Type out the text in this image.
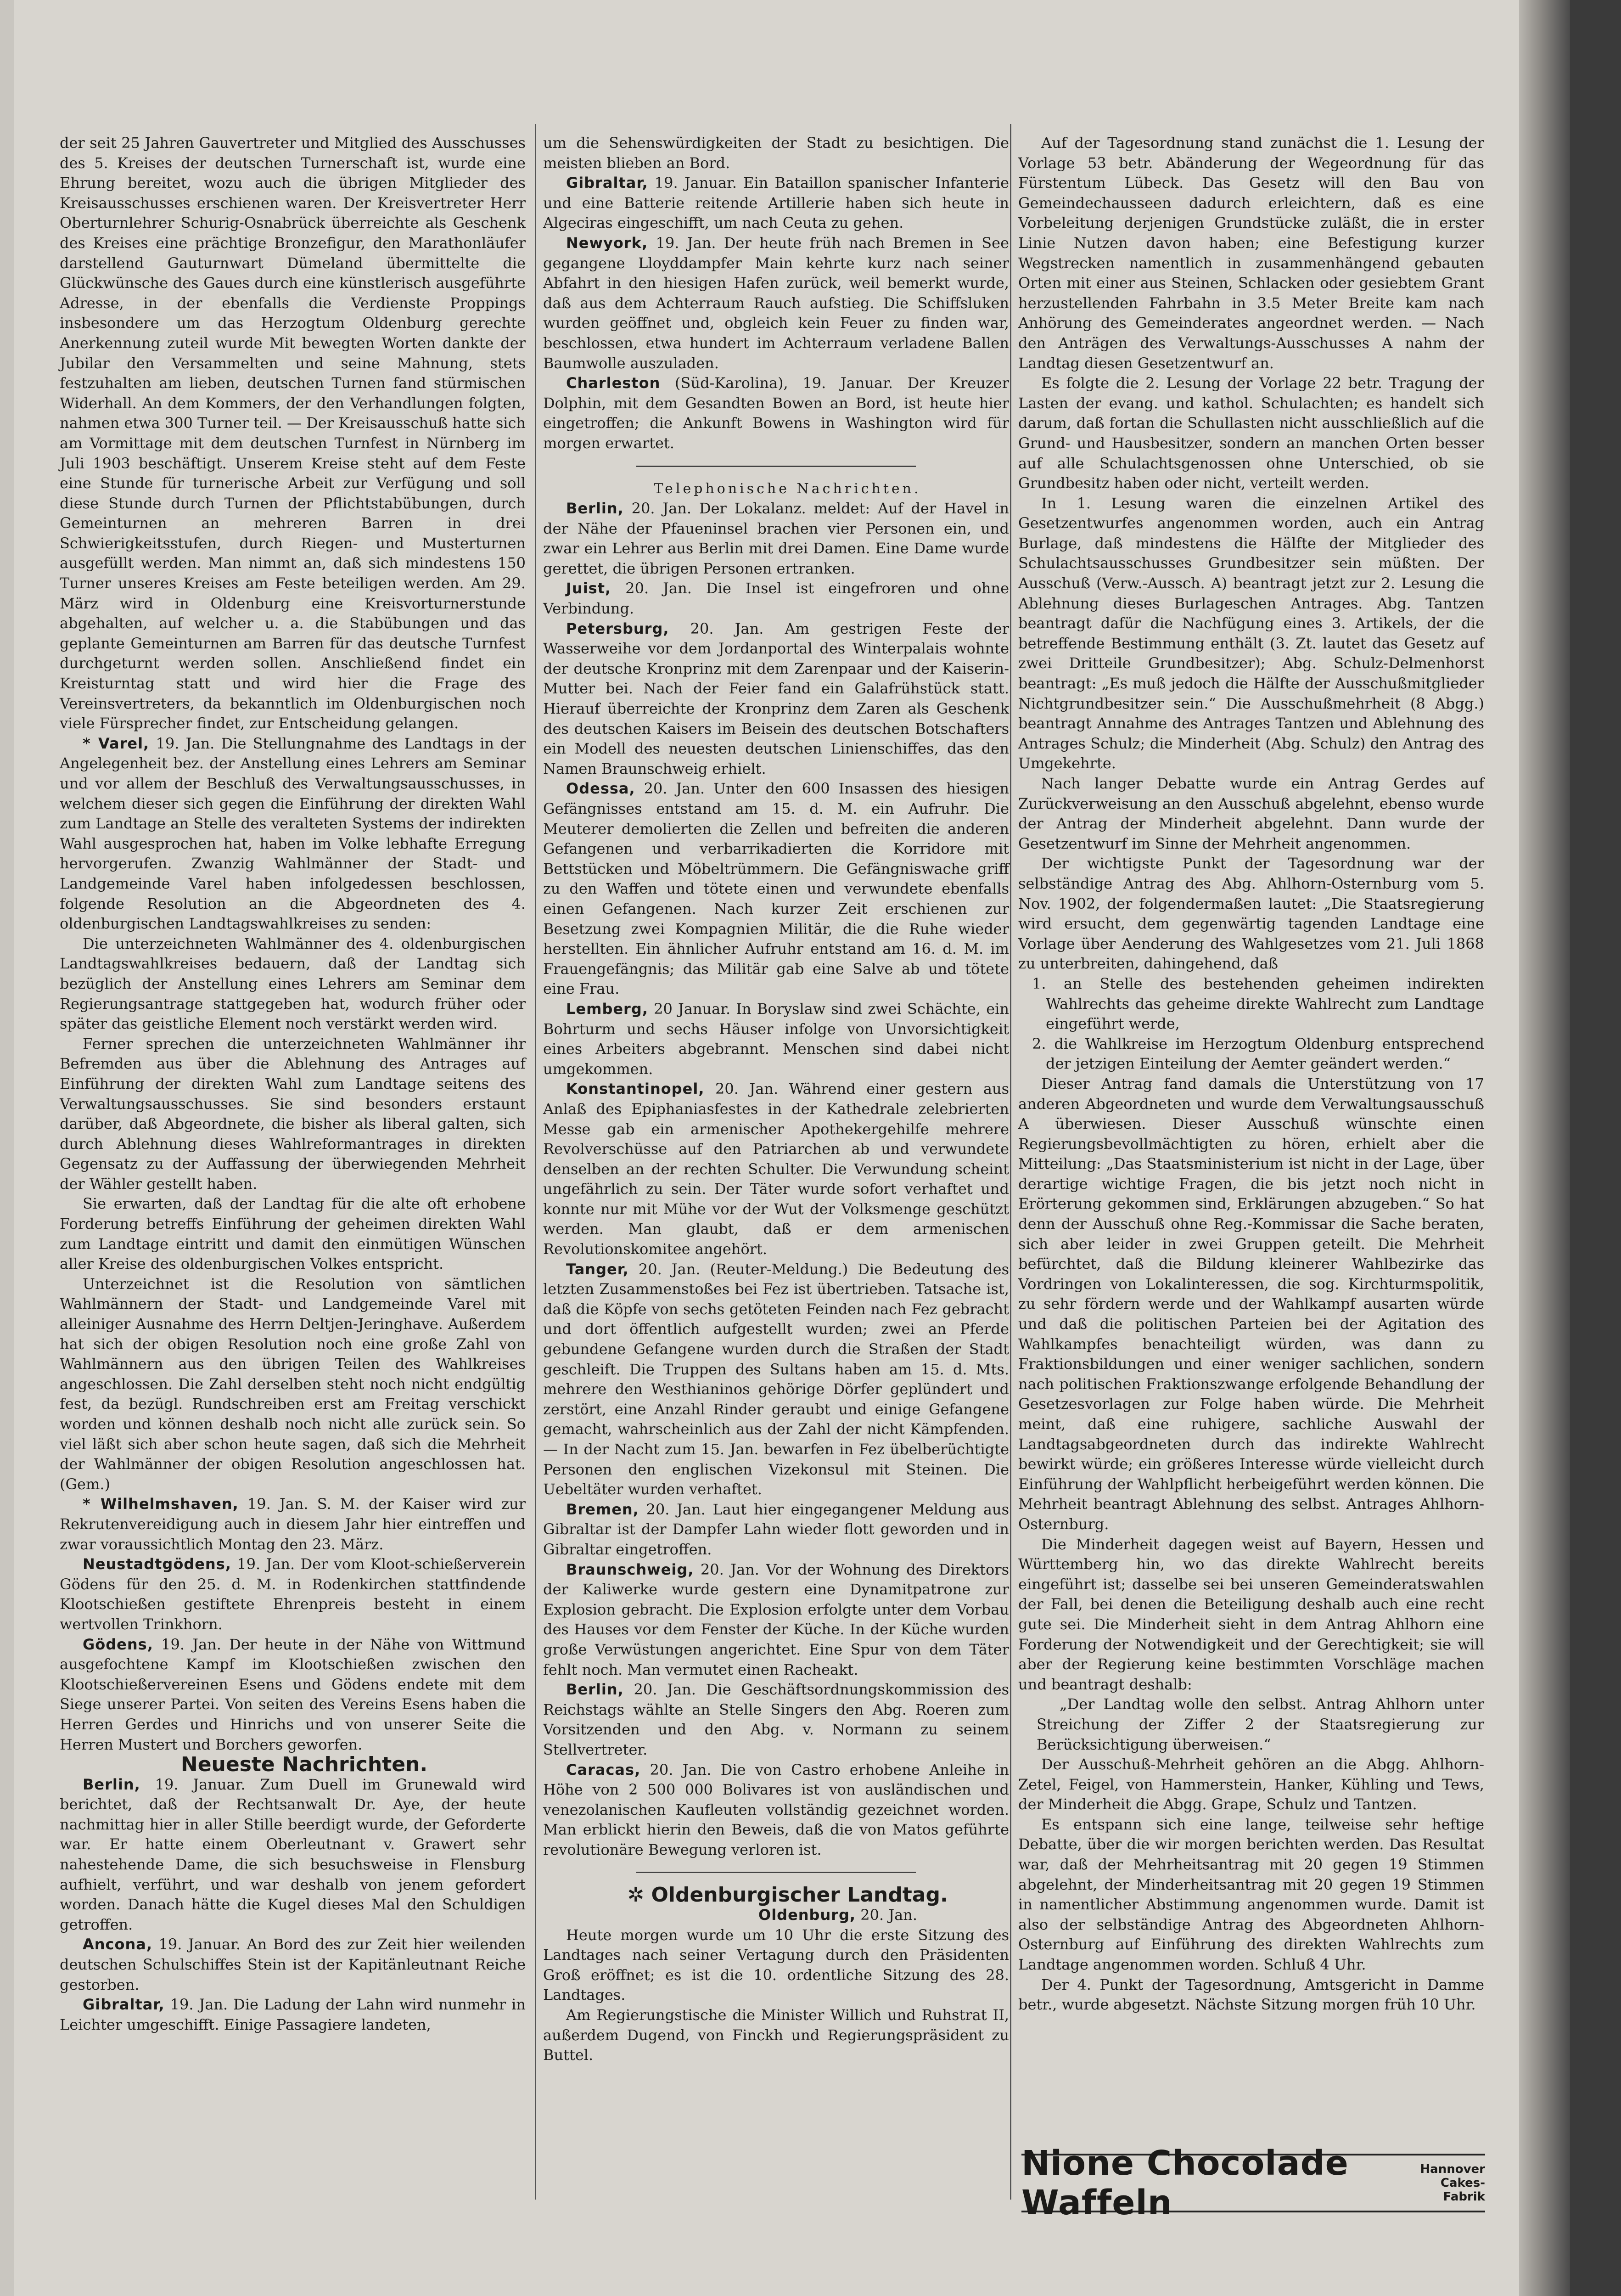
der seit 25 Jahren Gauvertreter und Mitglied des Ausschusses des 5. Kreises der deutschen Turnerschaft ist, wurde eine Ehrung bereitet, wozu auch die übrigen Mitglieder des Kreisausschusses erschienen waren. Der Kreisvertreter Herr Oberturnlehrer Schurig-Osnabrück überreichte als Geschenk des Kreises eine prächtige Bronzefigur, den Marathonläufer darstellend Gauturnwart Dümeland übermittelte die Glückwünsche des Gaues durch eine künstlerisch ausgeführte Adresse, in der ebenfalls die Verdienste Proppings insbesondere um das Herzogtum Oldenburg gerechte Anerkennung zuteil wurde Mit bewegten Worten dankte der Jubilar den Versammelten und seine Mahnung, stets festzuhalten am lieben, deutschen Turnen fand stürmischen Widerhall. An dem Kommers, der den Verhandlungen folgten, nahmen etwa 300 Turner teil. — Der Kreisausschuß hatte sich am Vormittage mit dem deutschen Turnfest in Nürnberg im Juli 1903 beschäftigt. Unserem Kreise steht auf dem Feste eine Stunde für turnerische Arbeit zur Verfügung und soll diese Stunde durch Turnen der Pflichtstabübungen, durch Gemeinturnen an mehreren Barren in drei Schwierigkeitsstufen, durch Riegen- und Musterturnen ausgefüllt werden. Man nimmt an, daß sich mindestens 150 Turner unseres Kreises am Feste beteiligen werden. Am 29. März wird in Oldenburg eine Kreisvorturnerstunde abgehalten, auf welcher u. a. die Stabübungen und das geplante Gemeinturnen am Barren für das deutsche Turnfest durchgeturnt werden sollen. Anschließend findet ein Kreisturntag statt und wird hier die Frage des Vereinsvertreters, da bekanntlich im Oldenburgischen noch viele Fürsprecher findet, zur Entscheidung gelangen.

* Varel, 19. Jan. Die Stellungnahme des Landtags in der Angelegenheit bez. der Anstellung eines Lehrers am Seminar und vor allem der Beschluß des Verwaltungsausschusses, in welchem dieser sich gegen die Einführung der direkten Wahl zum Landtage an Stelle des veralteten Systems der indirekten Wahl ausgesprochen hat, haben im Volke lebhafte Erregung hervorgerufen. Zwanzig Wahlmänner der Stadt- und Landgemeinde Varel haben infolgedessen beschlossen, folgende Resolution an die Abgeordneten des 4. oldenburgischen Landtagswahlkreises zu senden:

Die unterzeichneten Wahlmänner des 4. oldenburgischen Landtagswahlkreises bedauern, daß der Landtag sich bezüglich der Anstellung eines Lehrers am Seminar dem Regierungsantrage stattgegeben hat, wodurch früher oder später das geistliche Element noch verstärkt werden wird.

Ferner sprechen die unterzeichneten Wahlmänner ihr Befremden aus über die Ablehnung des Antrages auf Einführung der direkten Wahl zum Landtage seitens des Verwaltungsausschusses. Sie sind besonders erstaunt darüber, daß Abgeordnete, die bisher als liberal galten, sich durch Ablehnung dieses Wahlreformantrages in direkten Gegensatz zu der Auffassung der überwiegenden Mehrheit der Wähler gestellt haben.

Sie erwarten, daß der Landtag für die alte oft erhobene Forderung betreffs Einführung der geheimen direkten Wahl zum Landtage eintritt und damit den einmütigen Wünschen aller Kreise des oldenburgischen Volkes entspricht.

Unterzeichnet ist die Resolution von sämtlichen Wahlmännern der Stadt- und Landgemeinde Varel mit alleiniger Ausnahme des Herrn Deltjen-Jeringhave. Außerdem hat sich der obigen Resolution noch eine große Zahl von Wahlmännern aus den übrigen Teilen des Wahlkreises angeschlossen. Die Zahl derselben steht noch nicht endgültig fest, da bezügl. Rundschreiben erst am Freitag verschickt worden und können deshalb noch nicht alle zurück sein. So viel läßt sich aber schon heute sagen, daß sich die Mehrheit der Wahlmänner der obigen Resolution angeschlossen hat. (Gem.)

* Wilhelmshaven, 19. Jan. S. M. der Kaiser wird zur Rekrutenvereidigung auch in diesem Jahr hier eintreffen und zwar voraussichtlich Montag den 23. März.

Neustadtgödens, 19. Jan. Der vom Kloot-schießerverein Gödens für den 25. d. M. in Rodenkirchen stattfindende Klootschießen gestiftete Ehrenpreis besteht in einem wertvollen Trinkhorn.

Gödens, 19. Jan. Der heute in der Nähe von Wittmund ausgefochtene Kampf im Klootschießen zwischen den Klootschießervereinen Esens und Gödens endete mit dem Siege unserer Partei. Von seiten des Vereins Esens haben die Herren Gerdes und Hinrichs und von unserer Seite die Herren Mustert und Borchers geworfen.

Neueste Nachrichten.

Berlin, 19. Januar. Zum Duell im Grunewald wird berichtet, daß der Rechtsanwalt Dr. Aye, der heute nachmittag hier in aller Stille beerdigt wurde, der Geforderte war. Er hatte einem Oberleutnant v. Grawert sehr nahestehende Dame, die sich besuchsweise in Flensburg aufhielt, verführt, und war deshalb von jenem gefordert worden. Danach hätte die Kugel dieses Mal den Schuldigen getroffen.

Ancona, 19. Januar. An Bord des zur Zeit hier weilenden deutschen Schulschiffes Stein ist der Kapitänleutnant Reiche gestorben.

Gibraltar, 19. Jan. Die Ladung der Lahn wird nunmehr in Leichter umgeschifft. Einige Passagiere landeten,

um die Sehenswürdigkeiten der Stadt zu besichtigen. Die meisten blieben an Bord.

Gibraltar, 19. Januar. Ein Bataillon spanischer Infanterie und eine Batterie reitende Artillerie haben sich heute in Algeciras eingeschifft, um nach Ceuta zu gehen.

Newyork, 19. Jan. Der heute früh nach Bremen in See gegangene Lloyddampfer Main kehrte kurz nach seiner Abfahrt in den hiesigen Hafen zurück, weil bemerkt wurde, daß aus dem Achterraum Rauch aufstieg. Die Schiffsluken wurden geöffnet und, obgleich kein Feuer zu finden war, beschlossen, etwa hundert im Achterraum verladene Ballen Baumwolle auszuladen.

Charleston (Süd-Karolina), 19. Januar. Der Kreuzer Dolphin, mit dem Gesandten Bowen an Bord, ist heute hier eingetroffen; die Ankunft Bowens in Washington wird für morgen erwartet.

Telephonische Nachrichten.

Berlin, 20. Jan. Der Lokalanz. meldet: Auf der Havel in der Nähe der Pfaueninsel brachen vier Personen ein, und zwar ein Lehrer aus Berlin mit drei Damen. Eine Dame wurde gerettet, die übrigen Personen ertranken.

Juist, 20. Jan. Die Insel ist eingefroren und ohne Verbindung.

Petersburg, 20. Jan. Am gestrigen Feste der Wasserweihe vor dem Jordanportal des Winterpalais wohnte der deutsche Kronprinz mit dem Zarenpaar und der Kaiserin-Mutter bei. Nach der Feier fand ein Galafrühstück statt. Hierauf überreichte der Kronprinz dem Zaren als Geschenk des deutschen Kaisers im Beisein des deutschen Botschafters ein Modell des neuesten deutschen Linienschiffes, das den Namen Braunschweig erhielt.

Odessa, 20. Jan. Unter den 600 Insassen des hiesigen Gefängnisses entstand am 15. d. M. ein Aufruhr. Die Meuterer demolierten die Zellen und befreiten die anderen Gefangenen und verbarrikadierten die Korridore mit Bettstücken und Möbeltrümmern. Die Gefängniswache griff zu den Waffen und tötete einen und verwundete ebenfalls einen Gefangenen. Nach kurzer Zeit erschienen zur Besetzung zwei Kompagnien Militär, die die Ruhe wieder herstellten. Ein ähnlicher Aufruhr entstand am 16. d. M. im Frauengefängnis; das Militär gab eine Salve ab und tötete eine Frau.

Lemberg, 20 Januar. In Boryslaw sind zwei Schächte, ein Bohrturm und sechs Häuser infolge von Unvorsichtigkeit eines Arbeiters abgebrannt. Menschen sind dabei nicht umgekommen.

Konstantinopel, 20. Jan. Während einer gestern aus Anlaß des Epiphaniasfestes in der Kathedrale zelebrierten Messe gab ein armenischer Apothekergehilfe mehrere Revolverschüsse auf den Patriarchen ab und verwundete denselben an der rechten Schulter. Die Verwundung scheint ungefährlich zu sein. Der Täter wurde sofort verhaftet und konnte nur mit Mühe vor der Wut der Volksmenge geschützt werden. Man glaubt, daß er dem armenischen Revolutionskomitee angehört.

Tanger, 20. Jan. (Reuter-Meldung.) Die Bedeutung des letzten Zusammenstoßes bei Fez ist übertrieben. Tatsache ist, daß die Köpfe von sechs getöteten Feinden nach Fez gebracht und dort öffentlich aufgestellt wurden; zwei an Pferde gebundene Gefangene wurden durch die Straßen der Stadt geschleift. Die Truppen des Sultans haben am 15. d. Mts. mehrere den Westhianinos gehörige Dörfer geplündert und zerstört, eine Anzahl Rinder geraubt und einige Gefangene gemacht, wahrscheinlich aus der Zahl der nicht Kämpfenden. — In der Nacht zum 15. Jan. bewarfen in Fez übelberüchtigte Personen den englischen Vizekonsul mit Steinen. Die Uebeltäter wurden verhaftet.

Bremen, 20. Jan. Laut hier eingegangener Meldung aus Gibraltar ist der Dampfer Lahn wieder flott geworden und in Gibraltar eingetroffen.

Braunschweig, 20. Jan. Vor der Wohnung des Direktors der Kaliwerke wurde gestern eine Dynamitpatrone zur Explosion gebracht. Die Explosion erfolgte unter dem Vorbau des Hauses vor dem Fenster der Küche. In der Küche wurden große Verwüstungen angerichtet. Eine Spur von dem Täter fehlt noch. Man vermutet einen Racheakt.

Berlin, 20. Jan. Die Geschäftsordnungskommission des Reichstags wählte an Stelle Singers den Abg. Roeren zum Vorsitzenden und den Abg. v. Normann zu seinem Stellvertreter.

Caracas, 20. Jan. Die von Castro erhobene Anleihe in Höhe von 2 500 000 Bolivares ist von ausländischen und venezolanischen Kaufleuten vollständig gezeichnet worden. Man erblickt hierin den Beweis, daß die von Matos geführte revolutionäre Bewegung verloren ist.

✲ Oldenburgischer Landtag.

Oldenburg, 20. Jan.

Heute morgen wurde um 10 Uhr die erste Sitzung des Landtages nach seiner Vertagung durch den Präsidenten Groß eröffnet; es ist die 10. ordentliche Sitzung des 28. Landtages.

Am Regierungstische die Minister Willich und Ruhstrat II, außerdem Dugend, von Finckh und Regierungspräsident zu Buttel.

Auf der Tagesordnung stand zunächst die 1. Lesung der Vorlage 53 betr. Abänderung der Wegeordnung für das Fürstentum Lübeck. Das Gesetz will den Bau von Gemeindechausseen dadurch erleichtern, daß es eine Vorbeleitung derjenigen Grundstücke zuläßt, die in erster Linie Nutzen davon haben; eine Befestigung kurzer Wegstrecken namentlich in zusammenhängend gebauten Orten mit einer aus Steinen, Schlacken oder gesiebtem Grant herzustellenden Fahrbahn in 3.5 Meter Breite kam nach Anhörung des Gemeinderates angeordnet werden. — Nach den Anträgen des Verwaltungs-Ausschusses A nahm der Landtag diesen Gesetzentwurf an.

Es folgte die 2. Lesung der Vorlage 22 betr. Tragung der Lasten der evang. und kathol. Schulachten; es handelt sich darum, daß fortan die Schullasten nicht ausschließlich auf die Grund- und Hausbesitzer, sondern an manchen Orten besser auf alle Schulachtsgenossen ohne Unterschied, ob sie Grundbesitz haben oder nicht, verteilt werden.

In 1. Lesung waren die einzelnen Artikel des Gesetzentwurfes angenommen worden, auch ein Antrag Burlage, daß mindestens die Hälfte der Mitglieder des Schulachtsausschusses Grundbesitzer sein müßten. Der Ausschuß (Verw.-Aussch. A) beantragt jetzt zur 2. Lesung die Ablehnung dieses Burlageschen Antrages. Abg. Tantzen beantragt dafür die Nachfügung eines 3. Artikels, der die betreffende Bestimmung enthält (3. Zt. lautet das Gesetz auf zwei Dritteile Grundbesitzer); Abg. Schulz-Delmenhorst beantragt: „Es muß jedoch die Hälfte der Ausschußmitglieder Nichtgrundbesitzer sein.“ Die Ausschußmehrheit (8 Abgg.) beantragt Annahme des Antrages Tantzen und Ablehnung des Antrages Schulz; die Minderheit (Abg. Schulz) den Antrag des Umgekehrte.

Nach langer Debatte wurde ein Antrag Gerdes auf Zurückverweisung an den Ausschuß abgelehnt, ebenso wurde der Antrag der Minderheit abgelehnt. Dann wurde der Gesetzentwurf im Sinne der Mehrheit angenommen.

Der wichtigste Punkt der Tagesordnung war der selbständige Antrag des Abg. Ahlhorn-Osternburg vom 5. Nov. 1902, der folgendermaßen lautet: „Die Staatsregierung wird ersucht, dem gegenwärtig tagenden Landtage eine Vorlage über Aenderung des Wahlgesetzes vom 21. Juli 1868 zu unterbreiten, dahingehend, daß

1. an Stelle des bestehenden geheimen indirekten Wahlrechts das geheime direkte Wahlrecht zum Landtage eingeführt werde,

2. die Wahlkreise im Herzogtum Oldenburg entsprechend der jetzigen Einteilung der Aemter geändert werden.“

Dieser Antrag fand damals die Unterstützung von 17 anderen Abgeordneten und wurde dem Verwaltungsausschuß A überwiesen. Dieser Ausschuß wünschte einen Regierungsbevollmächtigten zu hören, erhielt aber die Mitteilung: „Das Staatsministerium ist nicht in der Lage, über derartige wichtige Fragen, die bis jetzt noch nicht in Erörterung gekommen sind, Erklärungen abzugeben.“ So hat denn der Ausschuß ohne Reg.-Kommissar die Sache beraten, sich aber leider in zwei Gruppen geteilt. Die Mehrheit befürchtet, daß die Bildung kleinerer Wahlbezirke das Vordringen von Lokalinteressen, die sog. Kirchturmspolitik, zu sehr fördern werde und der Wahlkampf ausarten würde und daß die politischen Parteien bei der Agitation des Wahlkampfes benachteiligt würden, was dann zu Fraktionsbildungen und einer weniger sachlichen, sondern nach politischen Fraktionszwange erfolgende Behandlung der Gesetzesvorlagen zur Folge haben würde. Die Mehrheit meint, daß eine ruhigere, sachliche Auswahl der Landtagsabgeordneten durch das indirekte Wahlrecht bewirkt würde; ein größeres Interesse würde vielleicht durch Einführung der Wahlpflicht herbeigeführt werden können. Die Mehrheit beantragt Ablehnung des selbst. Antrages Ahlhorn-Osternburg.

Die Minderheit dagegen weist auf Bayern, Hessen und Württemberg hin, wo das direkte Wahlrecht bereits eingeführt ist; dasselbe sei bei unseren Gemeinderatswahlen der Fall, bei denen die Beteiligung deshalb auch eine recht gute sei. Die Minderheit sieht in dem Antrag Ahlhorn eine Forderung der Notwendigkeit und der Gerechtigkeit; sie will aber der Regierung keine bestimmten Vorschläge machen und beantragt deshalb:

„Der Landtag wolle den selbst. Antrag Ahlhorn unter Streichung der Ziffer 2 der Staatsregierung zur Berücksichtigung überweisen.“

Der Ausschuß-Mehrheit gehören an die Abgg. Ahlhorn-Zetel, Feigel, von Hammerstein, Hanker, Kühling und Tews, der Minderheit die Abgg. Grape, Schulz und Tantzen.

Es entspann sich eine lange, teilweise sehr heftige Debatte, über die wir morgen berichten werden. Das Resultat war, daß der Mehrheitsantrag mit 20 gegen 19 Stimmen abgelehnt, der Minderheitsantrag mit 20 gegen 19 Stimmen in namentlicher Abstimmung angenommen wurde. Damit ist also der selbständige Antrag des Abgeordneten Ahlhorn-Osternburg auf Einführung des direkten Wahlrechts zum Landtage angenommen worden. Schluß 4 Uhr.

Der 4. Punkt der Tagesordnung, Amtsgericht in Damme betr., wurde abgesetzt. Nächste Sitzung morgen früh 10 Uhr.

Nione Chocolade Waffeln
Hannover
Cakes-Fabrik
